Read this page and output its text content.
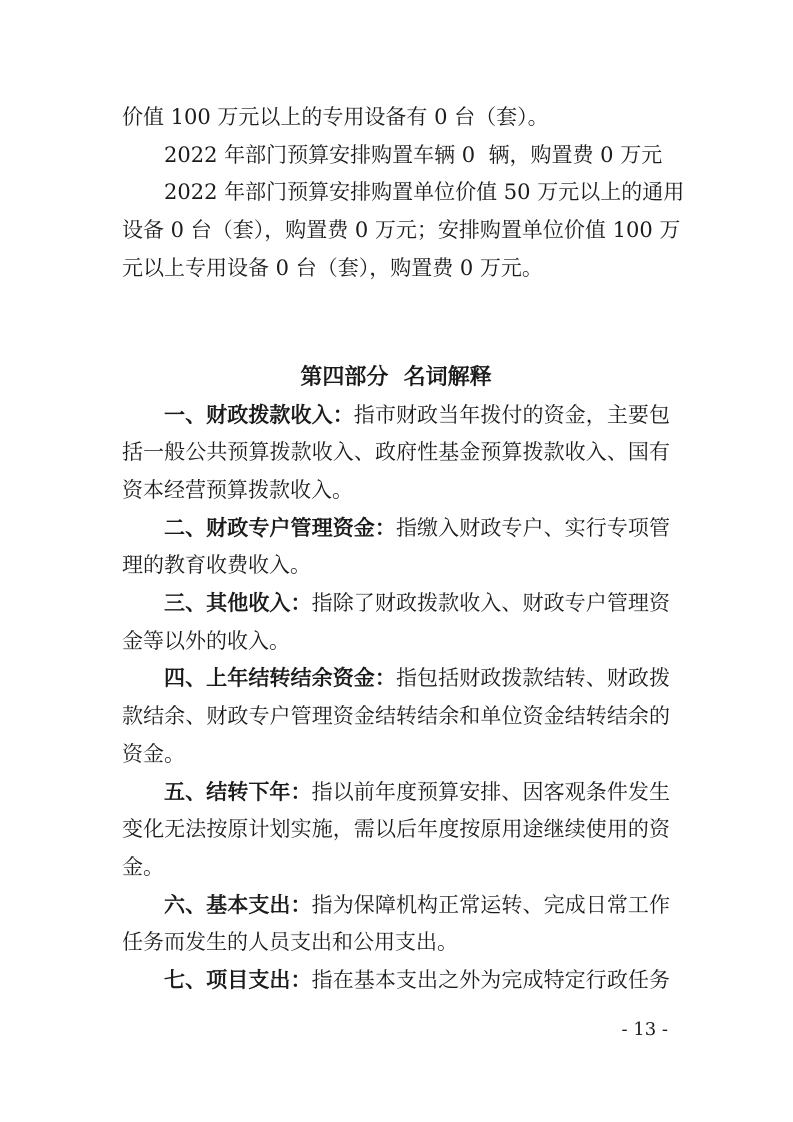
价值 100 万元以上的专用设备有 0 台（套）。
2022 年部门预算安排购置车辆 0  辆，购置费 0 万元
2022 年部门预算安排购置单位价值 50 万元以上的通用
设备 0 台（套），购置费 0 万元；安排购置单位价值 100 万
元以上专用设备 0 台（套），购置费 0 万元。
第四部分  名词解释
一、财政拨款收入：指市财政当年拨付的资金，主要包
括一般公共预算拨款收入、政府性基金预算拨款收入、国有
资本经营预算拨款收入。
二、财政专户管理资金：指缴入财政专户、实行专项管
理的教育收费收入。
三、其他收入：指除了财政拨款收入、财政专户管理资
金等以外的收入。
四、上年结转结余资金：指包括财政拨款结转、财政拨
款结余、财政专户管理资金结转结余和单位资金结转结余的
资金。
五、结转下年：指以前年度预算安排、因客观条件发生
变化无法按原计划实施，需以后年度按原用途继续使用的资
金。
六、基本支出：指为保障机构正常运转、完成日常工作
任务而发生的人员支出和公用支出。
七、项目支出：指在基本支出之外为完成特定行政任务
- 13 -
